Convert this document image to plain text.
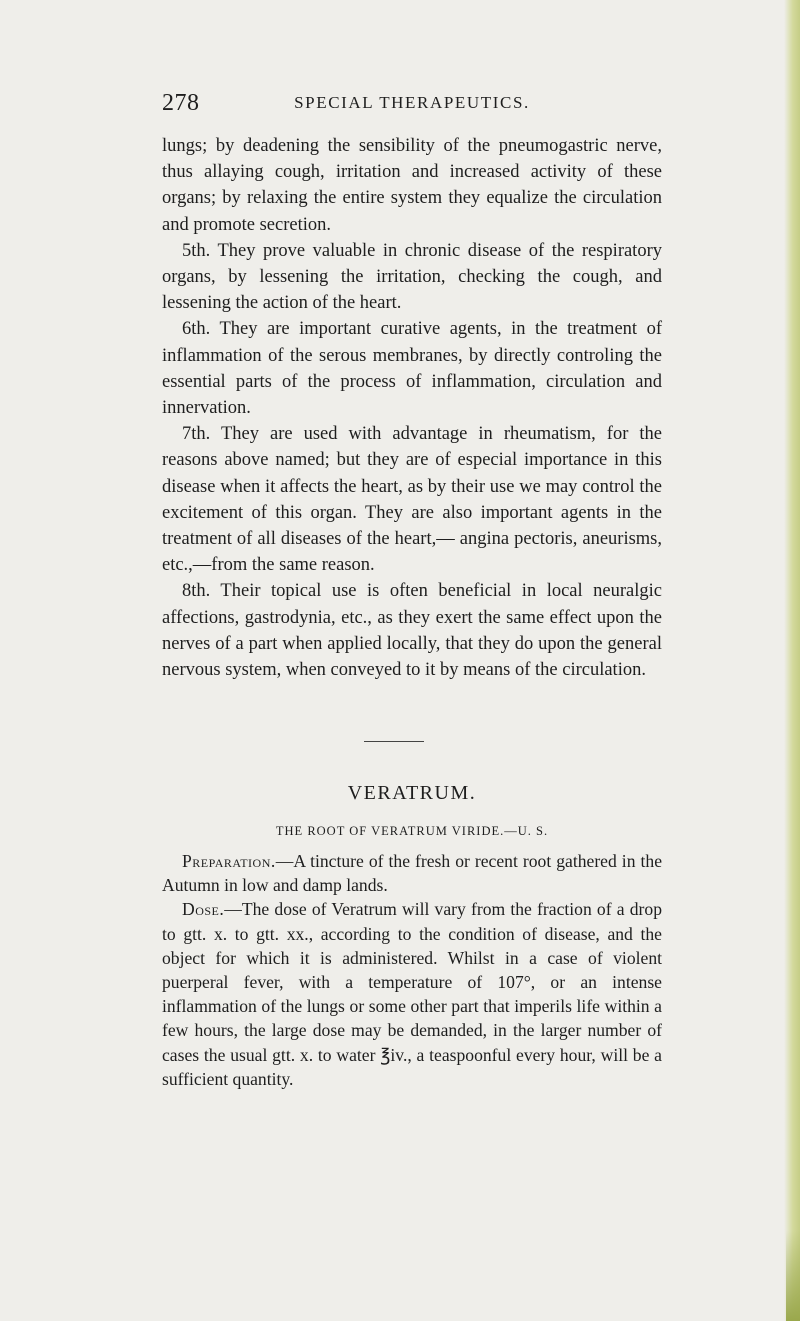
278	SPECIAL THERAPEUTICS.

lungs; by deadening the sensibility of the pneumogastric nerve, thus allaying cough, irritation and increased activity of these organs; by relaxing the entire system they equalize the circulation and promote secretion.

5th. They prove valuable in chronic disease of the respiratory organs, by lessening the irritation, checking the cough, and lessening the action of the heart.

6th. They are important curative agents, in the treatment of inflammation of the serous membranes, by directly controling the essential parts of the process of inflammation, circulation and innervation.

7th. They are used with advantage in rheumatism, for the reasons above named; but they are of especial importance in this disease when it affects the heart, as by their use we may control the excitement of this organ. They are also important agents in the treatment of all diseases of the heart,— angina pectoris, aneurisms, etc.,—from the same reason.

8th. Their topical use is often beneficial in local neuralgic affections, gastrodynia, etc., as they exert the same effect upon the nerves of a part when applied locally, that they do upon the general nervous system, when conveyed to it by means of the circulation.

VERATRUM.
THE ROOT OF VERATRUM VIRIDE.—U. S.

Preparation.—A tincture of the fresh or recent root gathered in the Autumn in low and damp lands.

Dose.—The dose of Veratrum will vary from the fraction of a drop to gtt. x. to gtt. xx., according to the condition of disease, and the object for which it is administered. Whilst in a case of violent puerperal fever, with a temperature of 107°, or an intense inflammation of the lungs or some other part that imperils life within a few hours, the large dose may be demanded, in the larger number of cases the usual gtt. x. to water ℥iv., a teaspoonful every hour, will be a sufficient quantity.
